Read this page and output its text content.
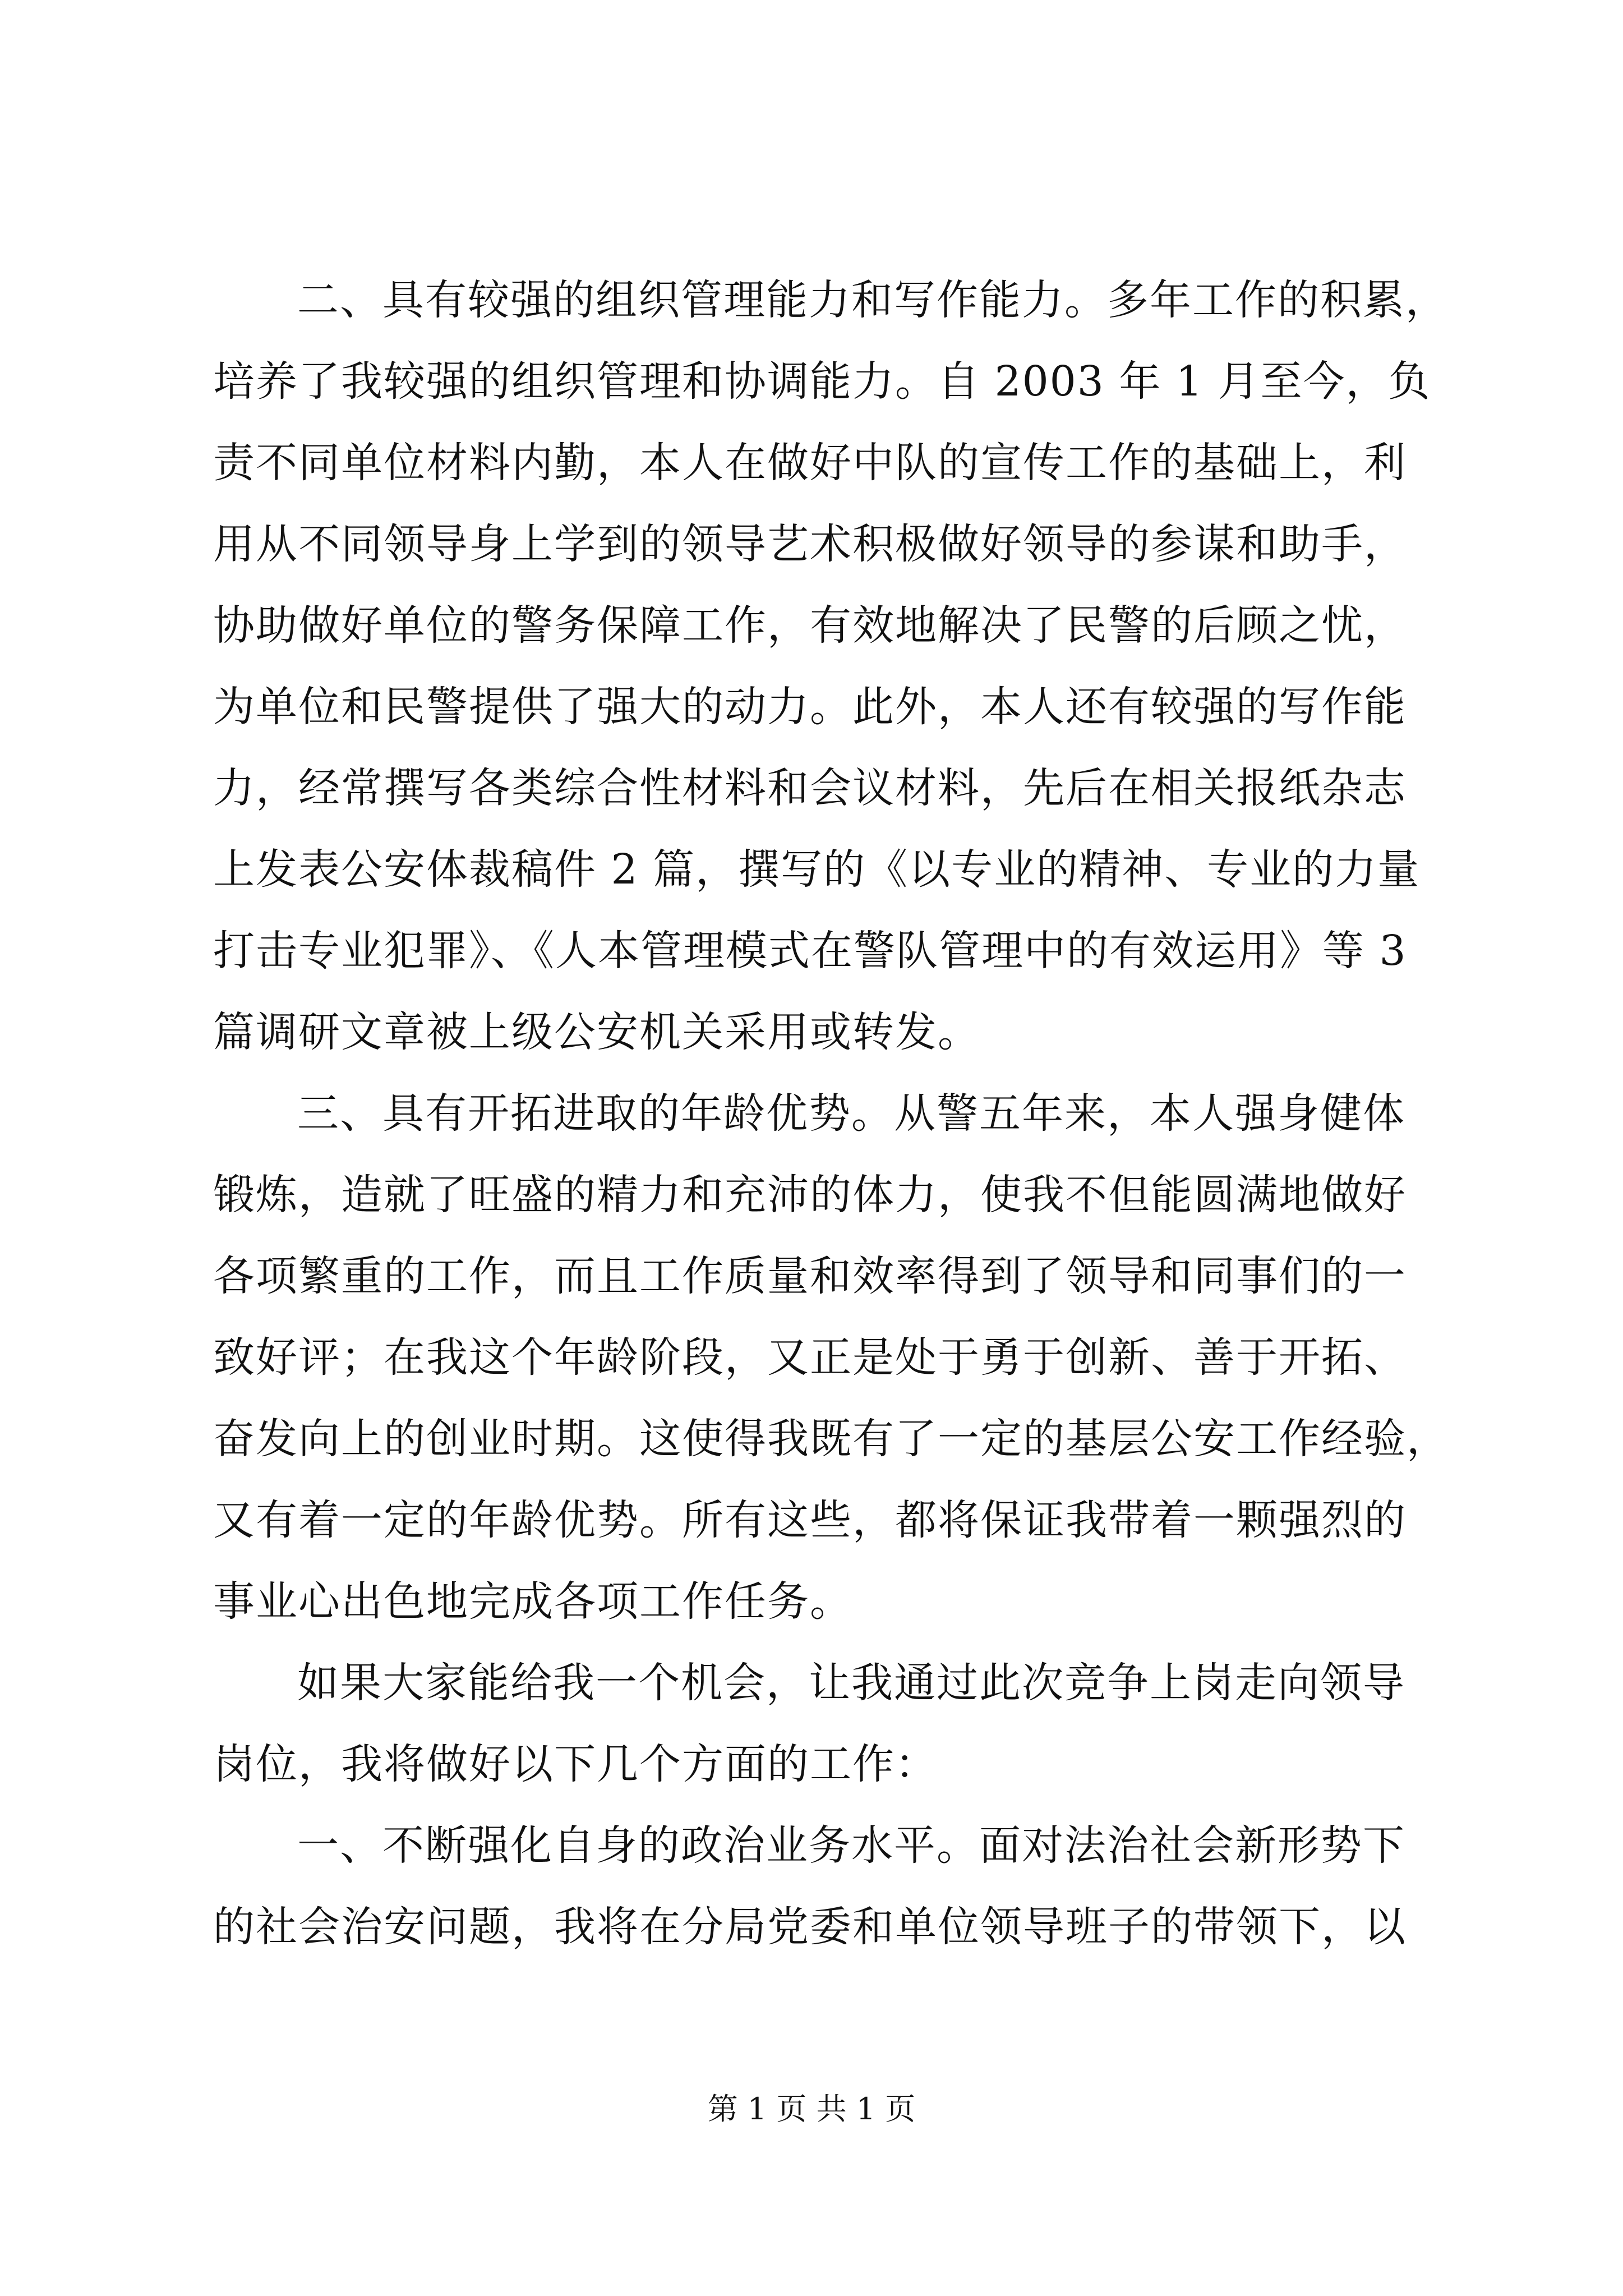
二、具有较强的组织管理能力和写作能力。多年工作的积累，
培养了我较强的组织管理和协调能力。自 2003 年 1 月至今，负
责不同单位材料内勤，本人在做好中队的宣传工作的基础上，利
用从不同领导身上学到的领导艺术积极做好领导的参谋和助手，
协助做好单位的警务保障工作，有效地解决了民警的后顾之忧，
为单位和民警提供了强大的动力。此外，本人还有较强的写作能
力，经常撰写各类综合性材料和会议材料，先后在相关报纸杂志
上发表公安体裁稿件 2 篇，撰写的《以专业的精神、专业的力量
打击专业犯罪》、《人本管理模式在警队管理中的有效运用》等 3
篇调研文章被上级公安机关采用或转发。
三、具有开拓进取的年龄优势。从警五年来，本人强身健体
锻炼，造就了旺盛的精力和充沛的体力，使我不但能圆满地做好
各项繁重的工作，而且工作质量和效率得到了领导和同事们的一
致好评；在我这个年龄阶段，又正是处于勇于创新、善于开拓、
奋发向上的创业时期。这使得我既有了一定的基层公安工作经验，
又有着一定的年龄优势。所有这些，都将保证我带着一颗强烈的
事业心出色地完成各项工作任务。
如果大家能给我一个机会，让我通过此次竞争上岗走向领导
岗位，我将做好以下几个方面的工作：
一、不断强化自身的政治业务水平。面对法治社会新形势下
的社会治安问题，我将在分局党委和单位领导班子的带领下，以
第 1 页 共 1 页
